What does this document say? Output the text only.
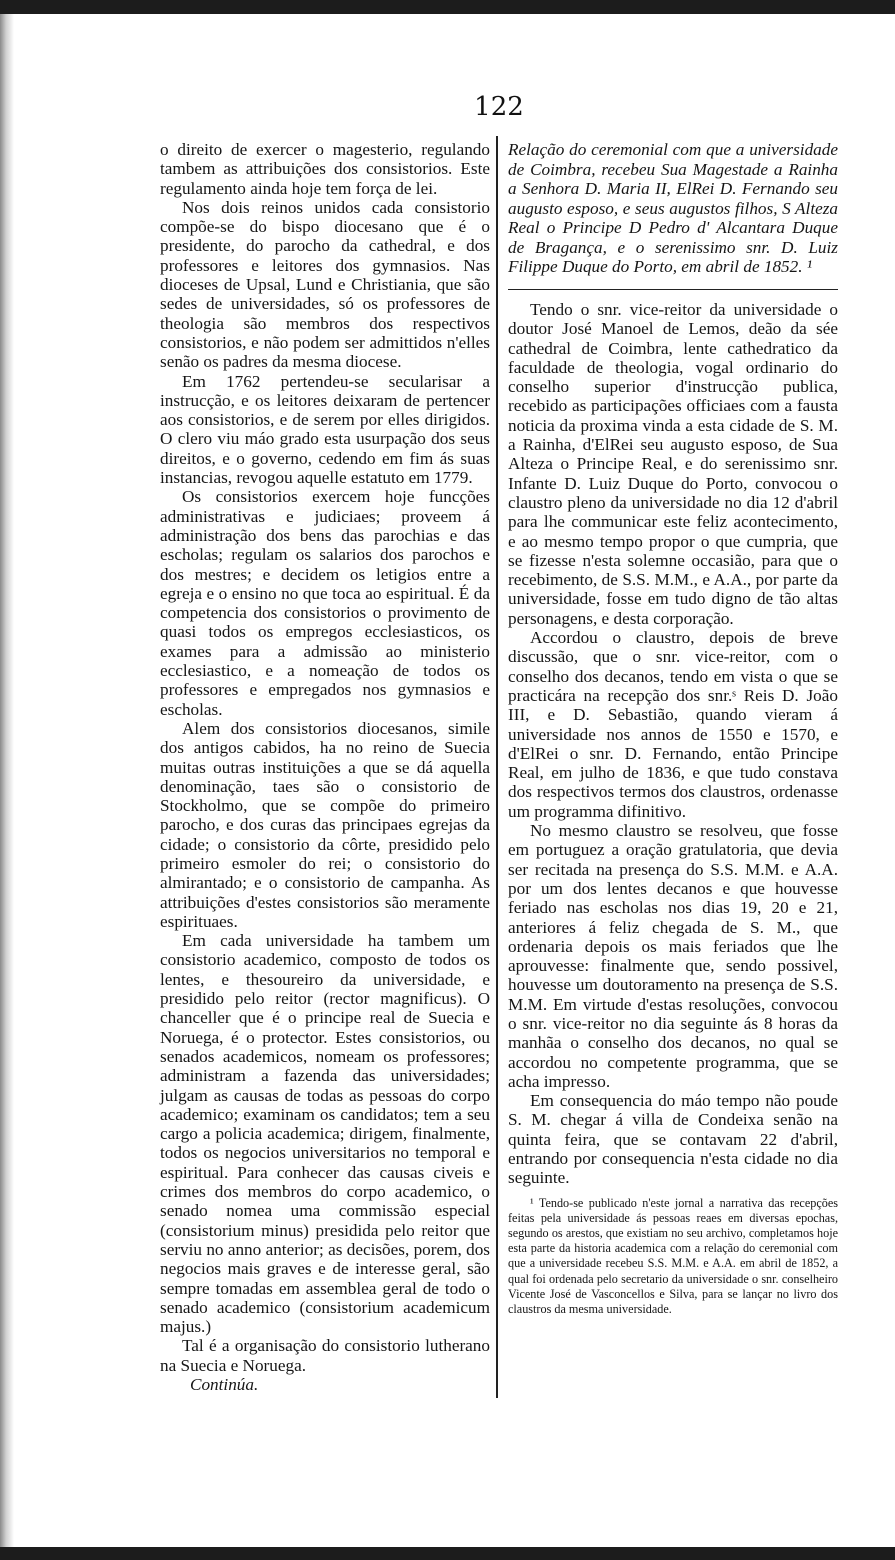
122

o direito de exercer o magesterio, regulando tambem as attribuições dos consistorios. Este regulamento ainda hoje tem força de lei.

Nos dois reinos unidos cada consistorio compõe-se do bispo diocesano que é o presidente, do parocho da cathedral, e dos professores e leitores dos gymnasios. Nas dioceses de Upsal, Lund e Christiania, que são sedes de universidades, só os professores de theologia são membros dos respectivos consistorios, e não podem ser admittidos n'elles senão os padres da mesma diocese.

Em 1762 pertendeu-se secularisar a instrucção, e os leitores deixaram de pertencer aos consistorios, e de serem por elles dirigidos. O clero viu máo grado esta usurpação dos seus direitos, e o governo, cedendo em fim ás suas instancias, revogou aquelle estatuto em 1779.

Os consistorios exercem hoje funcções administrativas e judiciaes; proveem á administração dos bens das parochias e das escholas; regulam os salarios dos parochos e dos mestres; e decidem os letigios entre a egreja e o ensino no que toca ao espiritual. É da competencia dos consistorios o provimento de quasi todos os empregos ecclesiasticos, os exames para a admissão ao ministerio ecclesiastico, e a nomeação de todos os professores e empregados nos gymnasios e escholas.

Alem dos consistorios diocesanos, simile dos antigos cabidos, ha no reino de Suecia muitas outras instituições a que se dá aquella denominação, taes são o consistorio de Stockholmo, que se compõe do primeiro parocho, e dos curas das principaes egrejas da cidade; o consistorio da côrte, presidido pelo primeiro esmoler do rei; o consistorio do almirantado; e o consistorio de campanha. As attribuições d'estes consistorios são meramente espirituaes.

Em cada universidade ha tambem um consistorio academico, composto de todos os lentes, e thesoureiro da universidade, e presidido pelo reitor (rector magnificus). O chanceller que é o principe real de Suecia e Noruega, é o protector. Estes consistorios, ou senados academicos, nomeam os professores; administram a fazenda das universidades; julgam as causas de todas as pessoas do corpo academico; examinam os candidatos; tem a seu cargo a policia academica; dirigem, finalmente, todos os negocios universitarios no temporal e espiritual. Para conhecer das causas civeis e crimes dos membros do corpo academico, o senado nomea uma commissão especial (consistorium minus) presidida pelo reitor que serviu no anno anterior; as decisões, porem, dos negocios mais graves e de interesse geral, são sempre tomadas em assemblea geral de todo o senado academico (consistorium academicum majus.)

Tal é a organisação do consistorio lutherano na Suecia e Noruega.

Continúa.

Relação do ceremonial com que a universidade de Coimbra, recebeu Sua Magestade a Rainha a Senhora D. Maria II, ElRei D. Fernando seu augusto esposo, e seus augustos filhos, S Alteza Real o Principe D Pedro d' Alcantara Duque de Bragança, e o serenissimo snr. D. Luiz Filippe Duque do Porto, em abril de 1852. ¹

Tendo o snr. vice-reitor da universidade o doutor José Manoel de Lemos, deão da sée cathedral de Coimbra, lente cathedratico da faculdade de theologia, vogal ordinario do conselho superior d'instrucção publica, recebido as participações officiaes com a fausta noticia da proxima vinda a esta cidade de S. M. a Rainha, d'ElRei seu augusto esposo, de Sua Alteza o Principe Real, e do serenissimo snr. Infante D. Luiz Duque do Porto, convocou o claustro pleno da universidade no dia 12 d'abril para lhe communicar este feliz acontecimento, e ao mesmo tempo propor o que cumpria, que se fizesse n'esta solemne occasião, para que o recebimento, de S.S. M.M., e A.A., por parte da universidade, fosse em tudo digno de tão altas personagens, e desta corporação.

Accordou o claustro, depois de breve discussão, que o snr. vice-reitor, com o conselho dos decanos, tendo em vista o que se practicára na recepção dos snr.ˢ Reis D. João III, e D. Sebastião, quando vieram á universidade nos annos de 1550 e 1570, e d'ElRei o snr. D. Fernando, então Principe Real, em julho de 1836, e que tudo constava dos respectivos termos dos claustros, ordenasse um programma difinitivo.

No mesmo claustro se resolveu, que fosse em portuguez a oração gratulatoria, que devia ser recitada na presença do S.S. M.M. e A.A. por um dos lentes decanos e que houvesse feriado nas escholas nos dias 19, 20 e 21, anteriores á feliz chegada de S. M., que ordenaria depois os mais feriados que lhe aprouvesse: finalmente que, sendo possivel, houvesse um doutoramento na presença de S.S. M.M. Em virtude d'estas resoluções, convocou o snr. vice-reitor no dia seguinte ás 8 horas da manhãa o conselho dos decanos, no qual se accordou no competente programma, que se acha impresso.

Em consequencia do máo tempo não poude S. M. chegar á villa de Condeixa senão na quinta feira, que se contavam 22 d'abril, entrando por consequencia n'esta cidade no dia seguinte.

¹ Tendo-se publicado n'este jornal a narrativa das recepções feitas pela universidade ás pessoas reaes em diversas epochas, segundo os arestos, que existiam no seu archivo, completamos hoje esta parte da historia academica com a relação do ceremonial com que a universidade recebeu S.S. M.M. e A.A. em abril de 1852, a qual foi ordenada pelo secretario da universidade o snr. conselheiro Vicente José de Vasconcellos e Silva, para se lançar no livro dos claustros da mesma universidade.
